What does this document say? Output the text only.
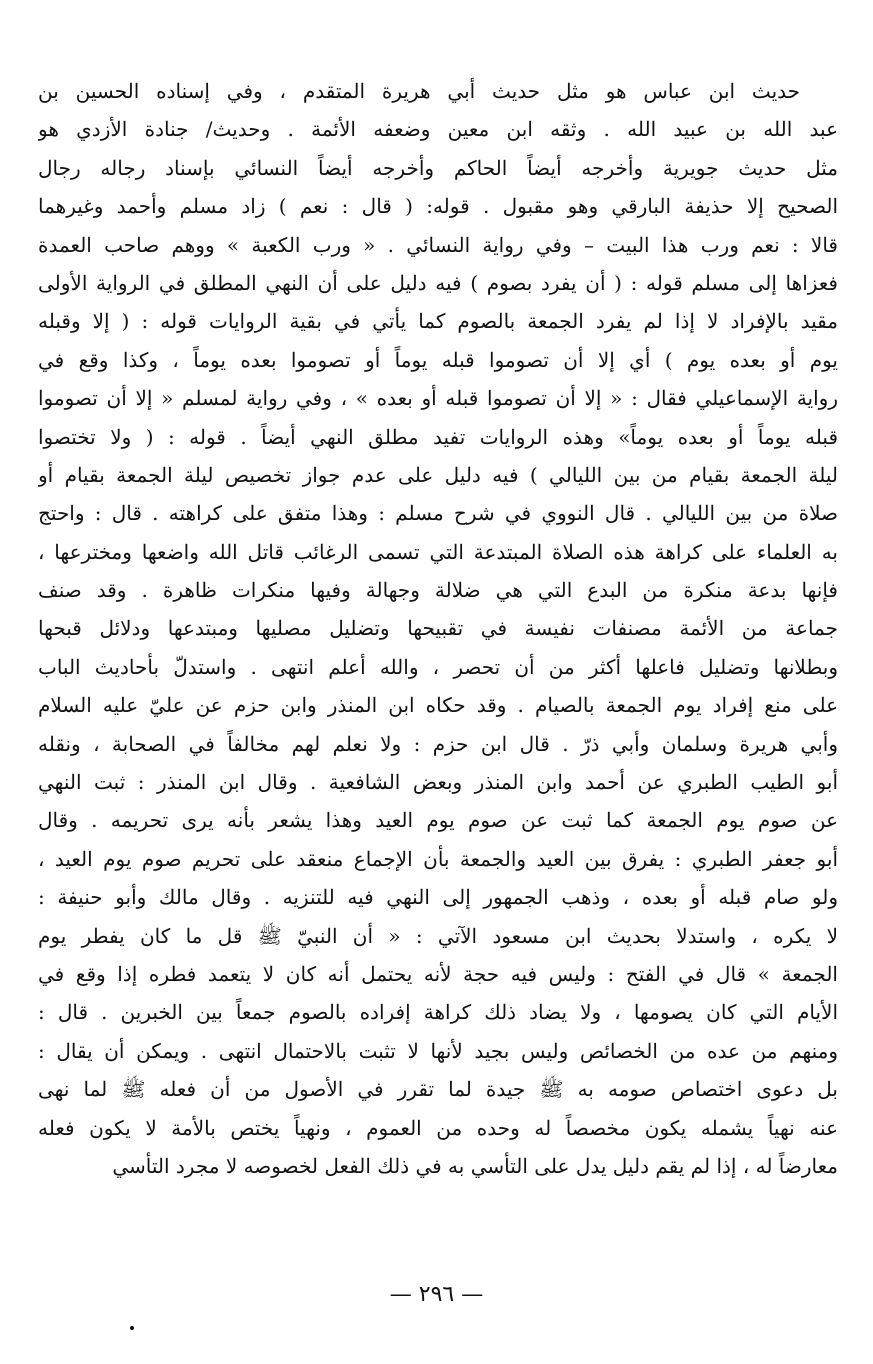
حديث ابن عباس هو مثل حديث أبي هريرة المتقدم ، وفي إسناده الحسين بن
عبد الله بن عبيد الله . وثقه ابن معين وضعفه الأئمة . وحديث/ جنادة الأزدي هو
مثل حديث جويرية وأخرجه أيضاً الحاكم وأخرجه أيضاً النسائي بإسناد رجاله رجال
الصحيح إلا حذيفة البارقي وهو مقبول . قوله: ( قال : نعم ) زاد مسلم وأحمد وغيرهما
قالا : نعم ورب هذا البيت – وفي رواية النسائي . « ورب الكعبة » ووهم صاحب العمدة
فعزاها إلى مسلم قوله : ( أن يفرد بصوم ) فيه دليل على أن النهي المطلق في الرواية الأولى
مقيد بالإفراد لا إذا لم يفرد الجمعة بالصوم كما يأتي في بقية الروايات قوله : ( إلا وقبله
يوم أو بعده يوم ) أي إلا أن تصوموا قبله يوماً أو تصوموا بعده يوماً ، وكذا وقع في
رواية الإسماعيلي فقال : « إلا أن تصوموا قبله أو بعده » ، وفي رواية لمسلم « إلا أن تصوموا
قبله يوماً أو بعده يوماً» وهذه الروايات تفيد مطلق النهي أيضاً . قوله : ( ولا تختصوا
ليلة الجمعة بقيام من بين الليالي ) فيه دليل على عدم جواز تخصيص ليلة الجمعة بقيام أو
صلاة من بين الليالي . قال النووي في شرح مسلم : وهذا متفق على كراهته . قال : واحتج
به العلماء على كراهة هذه الصلاة المبتدعة التي تسمى الرغائب قاتل الله واضعها ومخترعها ،
فإنها بدعة منكرة من البدع التي هي ضلالة وجهالة وفيها منكرات ظاهرة . وقد صنف
جماعة من الأئمة مصنفات نفيسة في تقبيحها وتضليل مصليها ومبتدعها ودلائل قبحها
وبطلانها وتضليل فاعلها أكثر من أن تحصر ، والله أعلم انتهى . واستدلّ بأحاديث الباب
على منع إفراد يوم الجمعة بالصيام . وقد حكاه ابن المنذر وابن حزم عن عليّ عليه السلام
وأبي هريرة وسلمان وأبي ذرّ . قال ابن حزم : ولا نعلم لهم مخالفاً في الصحابة ، ونقله
أبو الطيب الطبري عن أحمد وابن المنذر وبعض الشافعية . وقال ابن المنذر : ثبت النهي
عن صوم يوم الجمعة كما ثبت عن صوم يوم العيد وهذا يشعر بأنه يرى تحريمه . وقال
أبو جعفر الطبري : يفرق بين العيد والجمعة بأن الإجماع منعقد على تحريم صوم يوم العيد ،
ولو صام قبله أو بعده ، وذهب الجمهور إلى النهي فيه للتنزيه . وقال مالك وأبو حنيفة :
لا يكره ، واستدلا بحديث ابن مسعود الآتي : « أن النبيّ ﷺ قل ما كان يفطر يوم
الجمعة » قال في الفتح : وليس فيه حجة لأنه يحتمل أنه كان لا يتعمد فطره إذا وقع في
الأيام التي كان يصومها ، ولا يضاد ذلك كراهة إفراده بالصوم جمعاً بين الخبرين . قال :
ومنهم من عده من الخصائص وليس بجيد لأنها لا تثبت بالاحتمال انتهى . ويمكن أن يقال :
بل دعوى اختصاص صومه به ﷺ جيدة لما تقرر في الأصول من أن فعله ﷺ لما نهى
عنه نهياً يشمله يكون مخصصاً له وحده من العموم ، ونهياً يختص بالأمة لا يكون فعله
معارضاً له ، إذا لم يقم دليل يدل على التأسي به في ذلك الفعل لخصوصه لا مجرد التأسي
— ٢٩٦ —
